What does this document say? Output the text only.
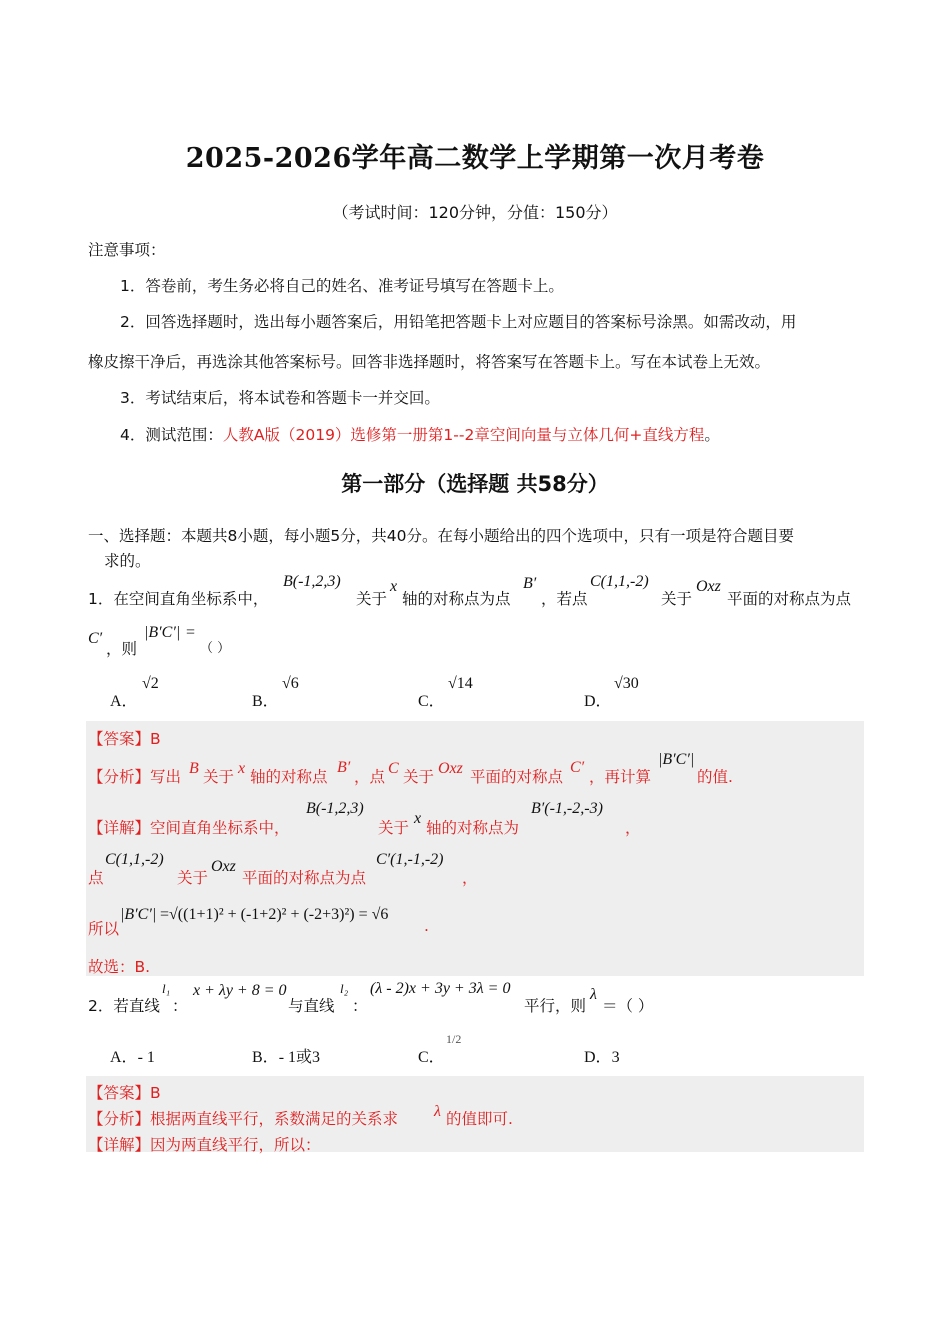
2025-2026学年高二数学上学期第一次月考卷
（考试时间：120分钟，分值：150分）
注意事项：
1．答卷前，考生务必将自己的姓名、准考证号填写在答题卡上。
2．回答选择题时，选出每小题答案后，用铅笔把答题卡上对应题目的答案标号涂黑。如需改动，用
橡皮擦干净后，再选涂其他答案标号。回答非选择题时，将答案写在答题卡上。写在本试卷上无效。
3．考试结束后，将本试卷和答题卡一并交回。
4．测试范围：人教A版（2019）选修第一册第1--2章空间向量与立体几何+直线方程。
第一部分（选择题 共58分）
一、选择题：本题共8小题，每小题5分，共40分。在每小题给出的四个选项中，只有一项是符合题目要
求的。
1．在空间直角坐标系中，
B(-1,2,3)
关于
x
轴的对称点为点
B′
，若点
C(1,1,-2)
关于
Oxz
平面的对称点为点
C′
，则
|B′C′| =
（ ）
A．
√2
B．
√6
C．
√14
D．
√30
【答案】B
【分析】写出 B 关于 x 轴的对称点
B′
，点 C 关于 Oxz 平面的对称点
C′
，再计算
|B′C′|
的值.
【详解】空间直角坐标系中，
B(-1,2,3)
关于
x
轴的对称点为
B′(-1,-2,-3)
，
点
C(1,1,-2)
关于
Oxz
平面的对称点为点
C′(1,-1,-2)
，
所以
|B′C′| =√((1+1)² + (-1+2)² + (-2+3)²) = √6
.
故选：B.
2．若直线
l₁
：
x + λy + 8 = 0
与直线
l₂
：
(λ - 2)x + 3y + 3λ = 0
平行，则
λ
＝（ ）
A．- 1	B．- 1或3	C．
1/2
D．3
【答案】B
【分析】根据两直线平行，系数满足的关系求 λ 的值即可.
【详解】因为两直线平行，所以：
